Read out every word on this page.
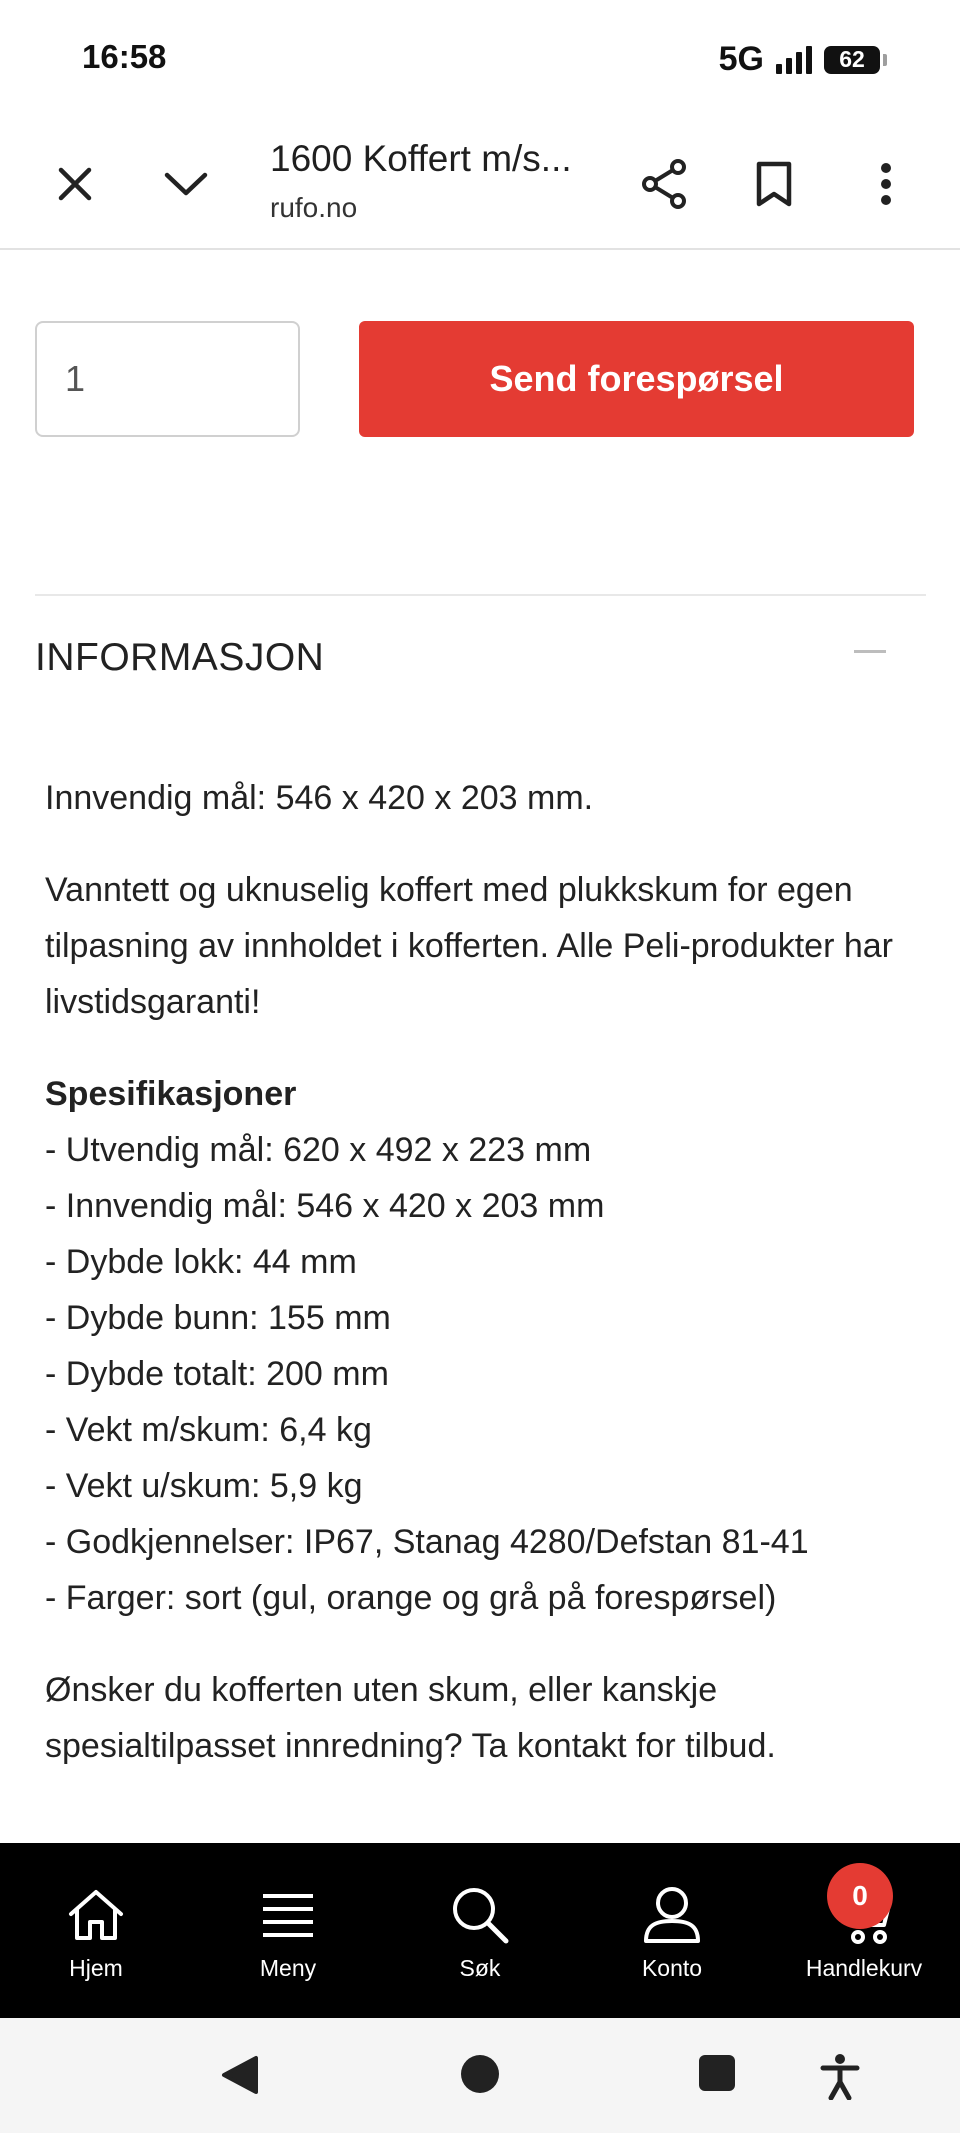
16:58	5G	62
1600 Koffert m/s...
rufo.no
1
Send forespørsel
INFORMASJON

Innvendig mål: 546 x 420 x 203 mm.

Vanntett og uknuselig koffert med plukkskum for egen tilpasning av innholdet i kofferten. Alle Peli-produkter har livstidsgaranti!

Spesifikasjoner
- Utvendig mål: 620 x 492 x 223 mm
- Innvendig mål: 546 x 420 x 203 mm
- Dybde lokk: 44 mm
- Dybde bunn: 155 mm
- Dybde totalt: 200 mm
- Vekt m/skum: 6,4 kg
- Vekt u/skum: 5,9 kg
- Godkjennelser: IP67, Stanag 4280/Defstan 81-41
- Farger: sort (gul, orange og grå på forespørsel)

Ønsker du kofferten uten skum, eller kanskje spesialtilpasset innredning? Ta kontakt for tilbud.

Hjem	Meny	Søk	Konto	Handlekurv
0
